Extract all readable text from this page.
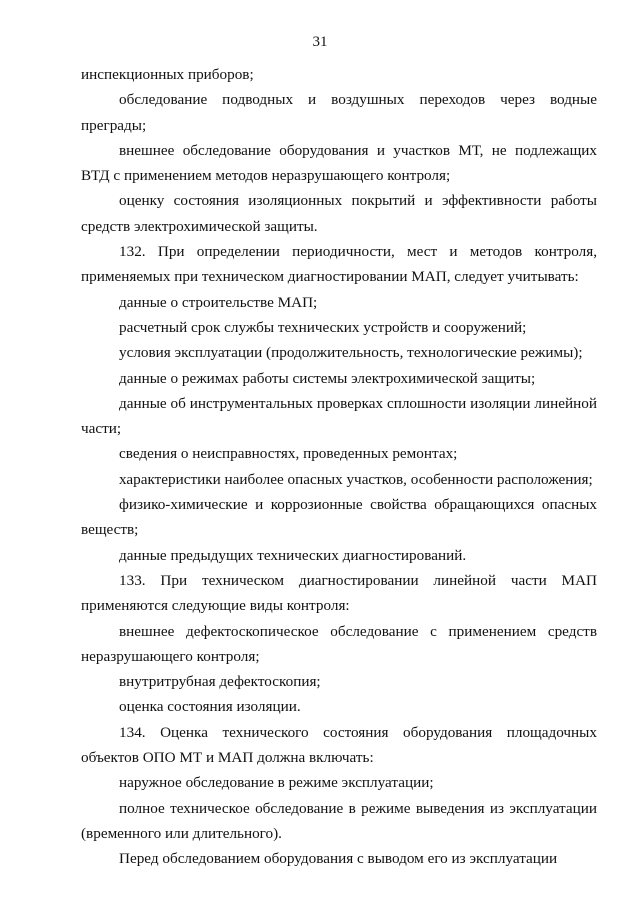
31

инспекционных приборов;

обследование подводных и воздушных переходов через водные преграды;

внешнее обследование оборудования и участков МТ, не подлежащих ВТД с применением методов неразрушающего контроля;

оценку состояния изоляционных покрытий и эффективности работы средств электрохимической защиты.

132. При определении периодичности, мест и методов контроля, применяемых при техническом диагностировании МАП, следует учитывать:

данные о строительстве МАП;

расчетный срок службы технических устройств и сооружений;

условия эксплуатации (продолжительность, технологические режимы);

данные о режимах работы системы электрохимической защиты;

данные об инструментальных проверках сплошности изоляции линейной части;

сведения о неисправностях, проведенных ремонтах;

характеристики наиболее опасных участков, особенности расположения;

физико-химические и коррозионные свойства обращающихся опасных веществ;

данные предыдущих технических диагностирований.

133. При техническом диагностировании линейной части МАП применяются следующие виды контроля:

внешнее дефектоскопическое обследование с применением средств неразрушающего контроля;

внутритрубная дефектоскопия;

оценка состояния изоляции.

134. Оценка технического состояния оборудования площадочных объектов ОПО МТ и МАП должна включать:

наружное обследование в режиме эксплуатации;

полное техническое обследование в режиме выведения из эксплуатации (временного или длительного).

Перед обследованием оборудования с выводом его из эксплуатации
